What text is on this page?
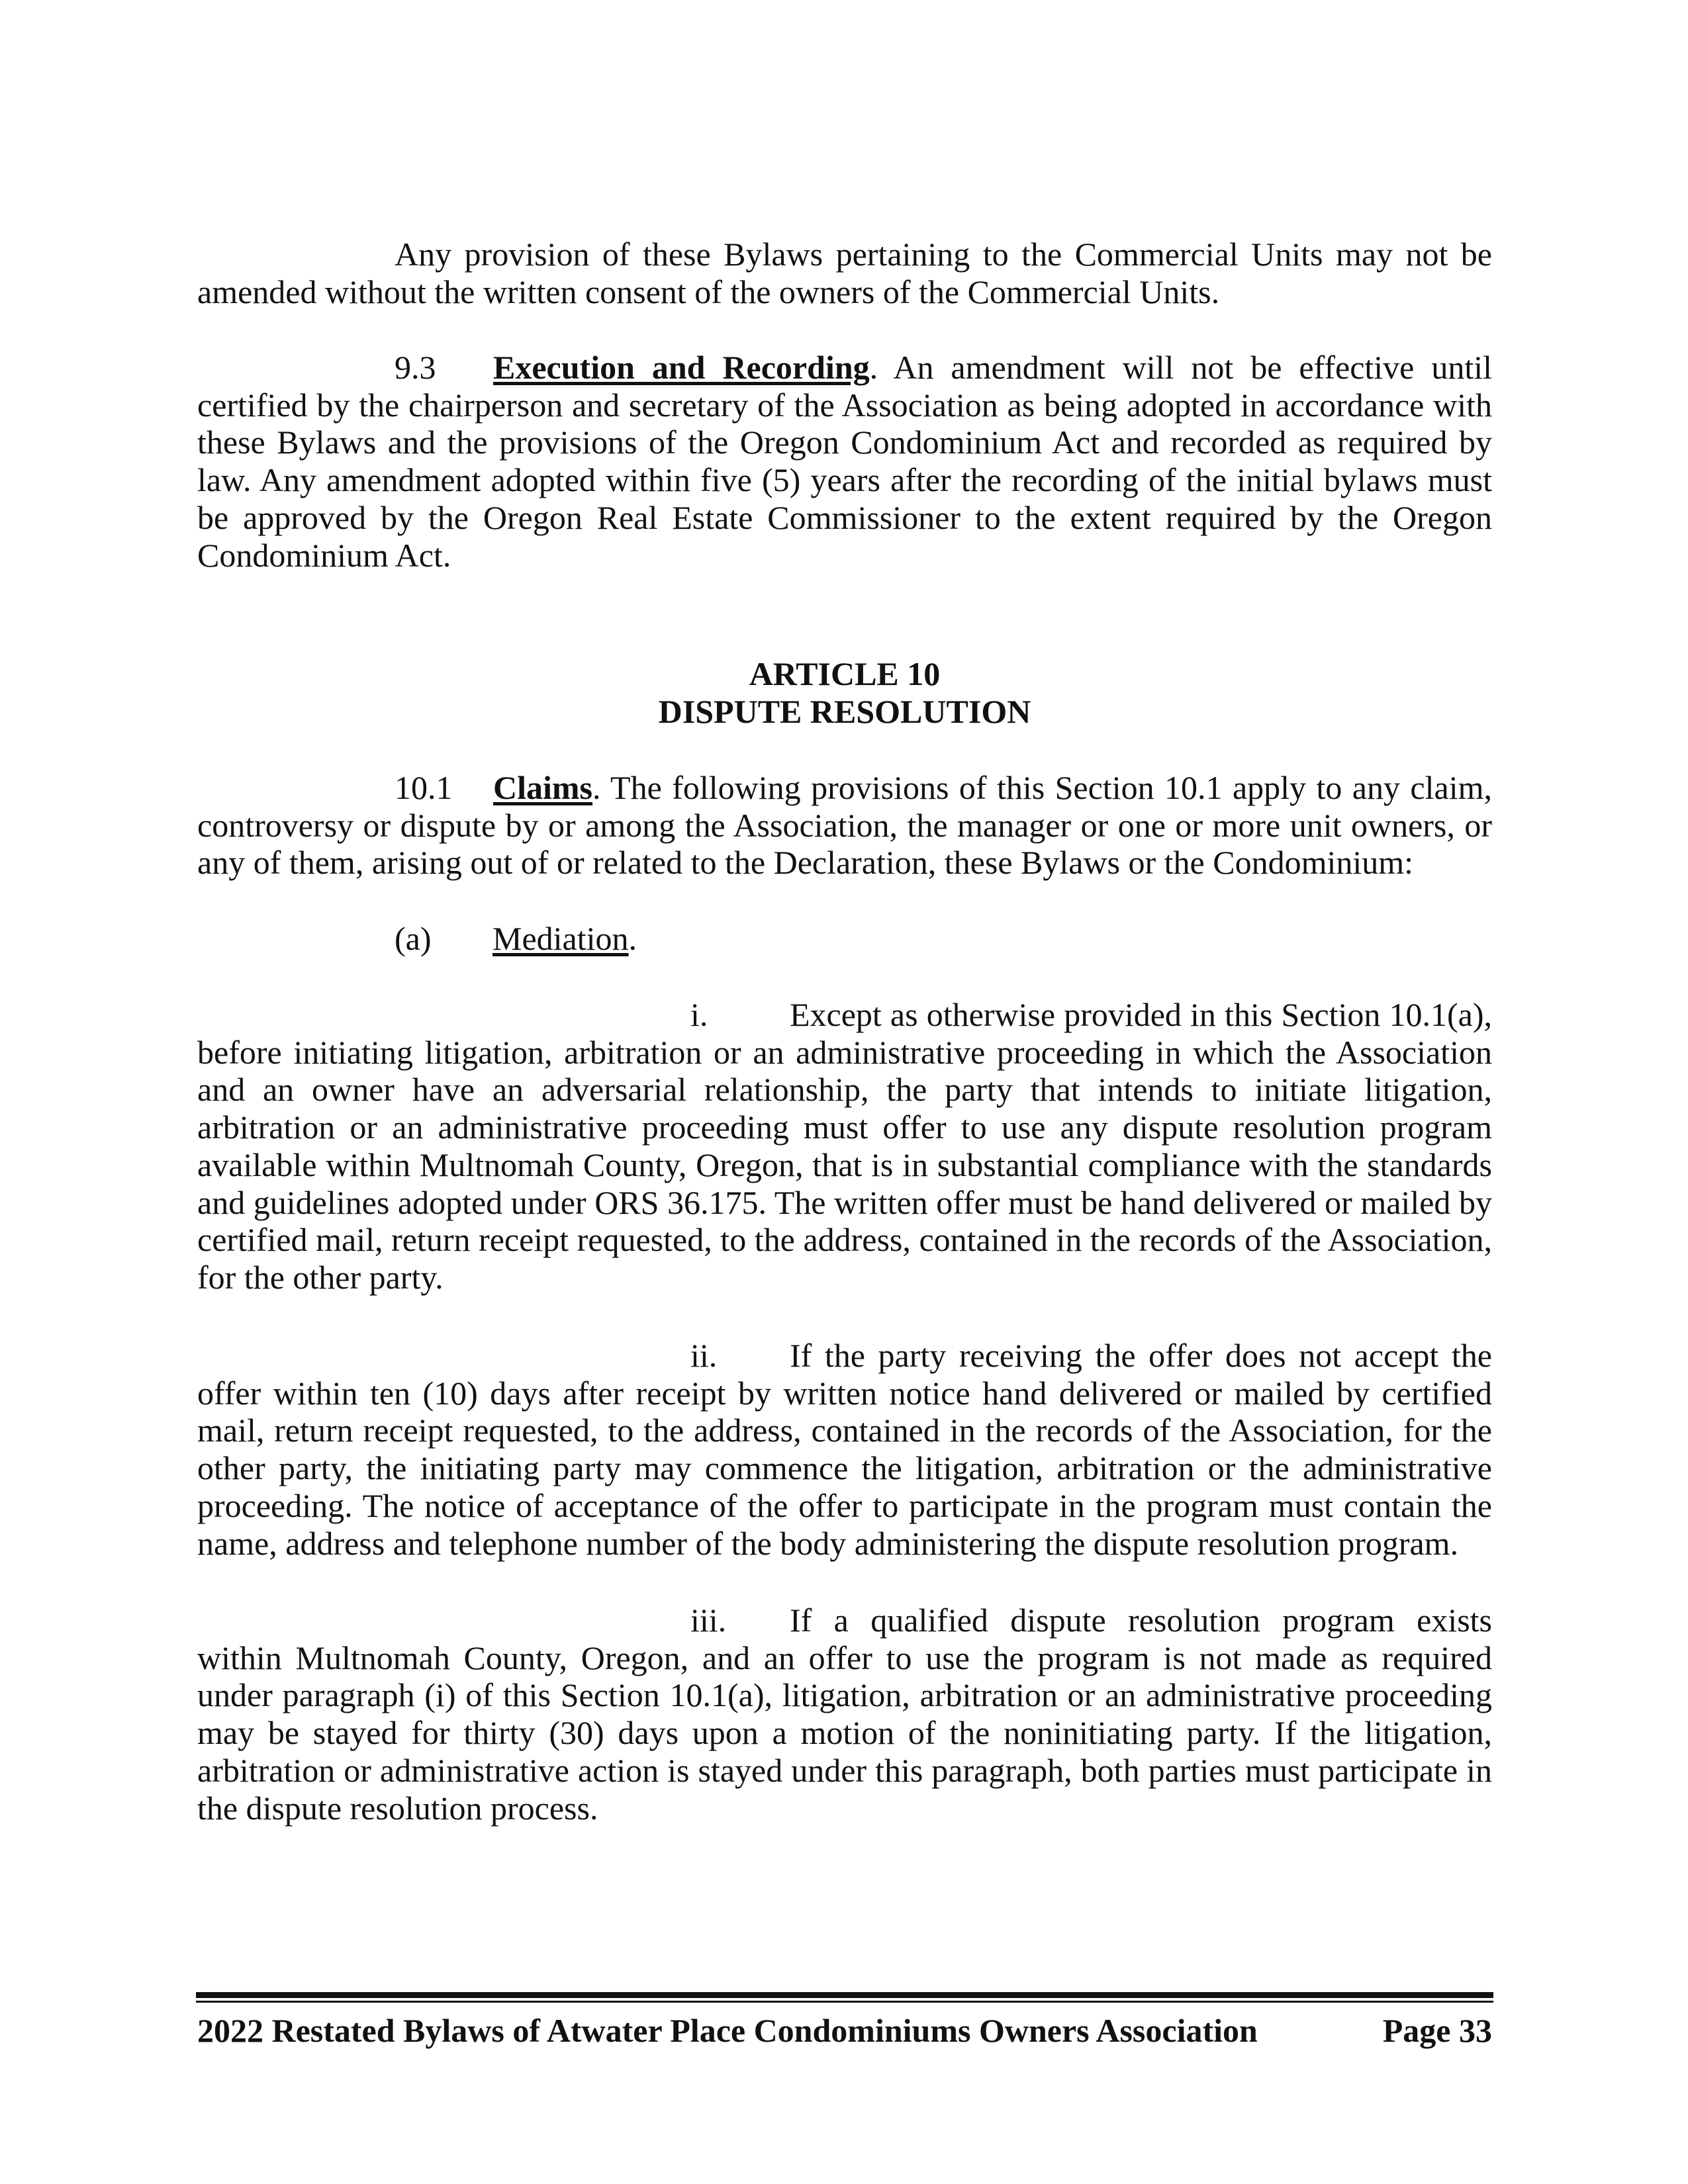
Any provision of these Bylaws pertaining to the Commercial Units may not be amended without the written consent of the owners of the Commercial Units.

9.3 Execution and Recording. An amendment will not be effective until certified by the chairperson and secretary of the Association as being adopted in accordance with these Bylaws and the provisions of the Oregon Condominium Act and recorded as required by law. Any amendment adopted within five (5) years after the recording of the initial bylaws must be approved by the Oregon Real Estate Commissioner to the extent required by the Oregon Condominium Act.

ARTICLE 10

DISPUTE RESOLUTION

10.1 Claims. The following provisions of this Section 10.1 apply to any claim, controversy or dispute by or among the Association, the manager or one or more unit owners, or any of them, arising out of or related to the Declaration, these Bylaws or the Condominium:

(a) Mediation.

i. Except as otherwise provided in this Section 10.1(a), before initiating litigation, arbitration or an administrative proceeding in which the Association and an owner have an adversarial relationship, the party that intends to initiate litigation, arbitration or an administrative proceeding must offer to use any dispute resolution program available within Multnomah County, Oregon, that is in substantial compliance with the standards and guidelines adopted under ORS 36.175. The written offer must be hand delivered or mailed by certified mail, return receipt requested, to the address, contained in the records of the Association, for the other party.

ii. If the party receiving the offer does not accept the offer within ten (10) days after receipt by written notice hand delivered or mailed by certified mail, return receipt requested, to the address, contained in the records of the Association, for the other party, the initiating party may commence the litigation, arbitration or the administrative proceeding. The notice of acceptance of the offer to participate in the program must contain the name, address and telephone number of the body administering the dispute resolution program.

iii. If a qualified dispute resolution program exists within Multnomah County, Oregon, and an offer to use the program is not made as required under paragraph (i) of this Section 10.1(a), litigation, arbitration or an administrative proceeding may be stayed for thirty (30) days upon a motion of the noninitiating party. If the litigation, arbitration or administrative action is stayed under this paragraph, both parties must participate in the dispute resolution process.

2022 Restated Bylaws of Atwater Place Condominiums Owners Association	Page 33
